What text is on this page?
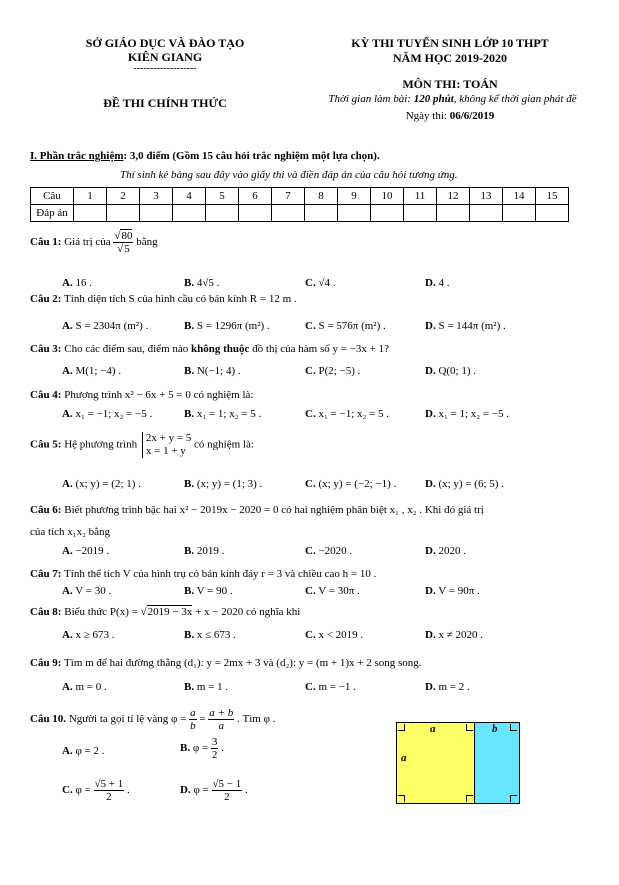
SỞ GIÁO DỤC VÀ ĐÀO TẠO
KIÊN GIANG
-------------------
ĐỀ THI CHÍNH THỨC
KỲ THI TUYỂN SINH LỚP 10 THPT
NĂM HỌC 2019-2020
MÔN THI: TOÁN
Thời gian làm bài: 120 phút, không kể thời gian phát đề
Ngày thi: 06/6/2019
I. Phần trắc nghiệm: 3,0 điểm (Gồm 15 câu hỏi trắc nghiệm một lựa chọn).
Thí sinh kẻ bảng sau đây vào giấy thi và điền đáp án của câu hỏi tương ứng.
Câu	1	2	3	4	5	6	7	8	9	10	11	12	13	14	15
Đáp án															
Câu 1: Giá trị của $\frac{√80}{√5}$ bằng
A. 16 .	B. 4√5 .	C. √4 .	D. 4 .
Câu 2: Tính diện tích S của hình cầu có bán kính R = 12 m .
A. S = 2304π (m²) .	B. S = 1296π (m²) .	C. S = 576π (m²) .	D. S = 144π (m²) .
Câu 3: Cho các điểm sau, điểm nào không thuộc đồ thị của hàm số y = −3x + 1?
A. M(1; −4) .	B. N(−1; 4) .	C. P(2; −5) .	D. Q(0; 1) .
Câu 4: Phương trình x² − 6x + 5 = 0 có nghiệm là:
A. x₁ = −1; x₂ = −5 .	B. x₁ = 1; x₂ = 5 .	C. x₁ = −1; x₂ = 5 .	D. x₁ = 1; x₂ = −5 .
Câu 5: Hệ phương trình
2x + y = 5
x = 1 + y
có nghiệm là:
A. (x; y) = (2; 1) .	B. (x; y) = (1; 3) .	C. (x; y) = (−2; −1) .	D. (x; y) = (6; 5) .
Câu 6: Biết phương trình bậc hai x² − 2019x − 2020 = 0 có hai nghiệm phân biệt x₁ , x₂ . Khi đó giá trị
của tích x₁x₂ bằng
A. −2019 .	B. 2019 .	C. −2020 .	D. 2020 .
Câu 7: Tính thể tích V của hình trụ có bán kính đáy r = 3 và chiều cao h = 10 .
A. V = 30 .	B. V = 90 .	C. V = 30π .	D. V = 90π .
Câu 8: Biểu thức P(x) = √2019 − 3x + x − 2020 có nghĩa khi
A. x ≥ 673 .	B. x ≤ 673 .	C. x < 2019 .	D. x ≠ 2020 .
Câu 9: Tìm m để hai đường thẳng (d₁): y = 2mx + 3 và (d₂): y = (m + 1)x + 2 song song.
A. m = 0 .	B. m = 1 .	C. m = −1 .	D. m = 2 .
Câu 10. Người ta gọi tỉ lệ vàng $\varphi = \frac{a}{b} = \frac{a + b}{a}$ . Tìm φ .
A. φ = 2 .	B. $\varphi = \frac{3}{2}$ .
C. $\varphi = \frac{√5 + 1}{2}$ .	D. $\varphi = \frac{√5 - 1}{2}$ .
a	b
a
